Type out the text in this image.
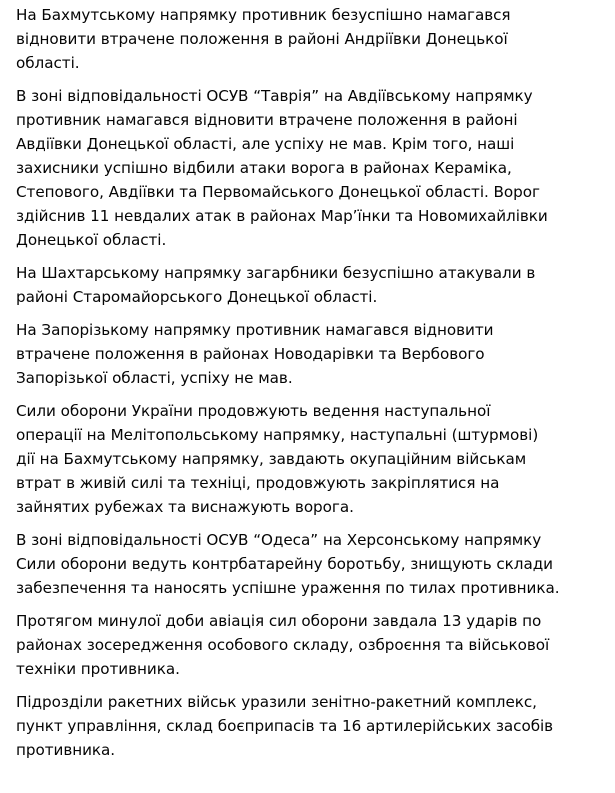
На Бахмутському напрямку противник безуспішно намагався
відновити втрачене положення в районі Андріївки Донецької
області.

В зоні відповідальності ОСУВ “Таврія” на Авдіївському напрямку
противник намагався відновити втрачене положення в районі
Авдіївки Донецької області, але успіху не мав. Крім того, наші
захисники успішно відбили атаки ворога в районах Кераміка,
Степового, Авдіївки та Первомайського Донецької області. Ворог
здійснив 11 невдалих атак в районах Мар’їнки та Новомихайлівки
Донецької області.

На Шахтарському напрямку загарбники безуспішно атакували в
районі Старомайорського Донецької області.

На Запорізькому напрямку противник намагався відновити
втрачене положення в районах Новодарівки та Вербового
Запорізької області, успіху не мав.

Сили оборони України продовжують ведення наступальної
операції на Мелітопольському напрямку, наступальні (штурмові)
дії на Бахмутському напрямку, завдають окупаційним військам
втрат в живій силі та техніці, продовжують закріплятися на
зайнятих рубежах та виснажують ворога.

В зоні відповідальності ОСУВ “Одеса” на Херсонському напрямку
Сили оборони ведуть контрбатарейну боротьбу, знищують склади
забезпечення та наносять успішне ураження по тилах противника.

Протягом минулої доби авіація сил оборони завдала 13 ударів по
районах зосередження особового складу, озброєння та військової
техніки противника.

Підрозділи ракетних військ уразили зенітно-ракетний комплекс,
пункт управління, склад боєприпасів та 16 артилерійських засобів
противника.
